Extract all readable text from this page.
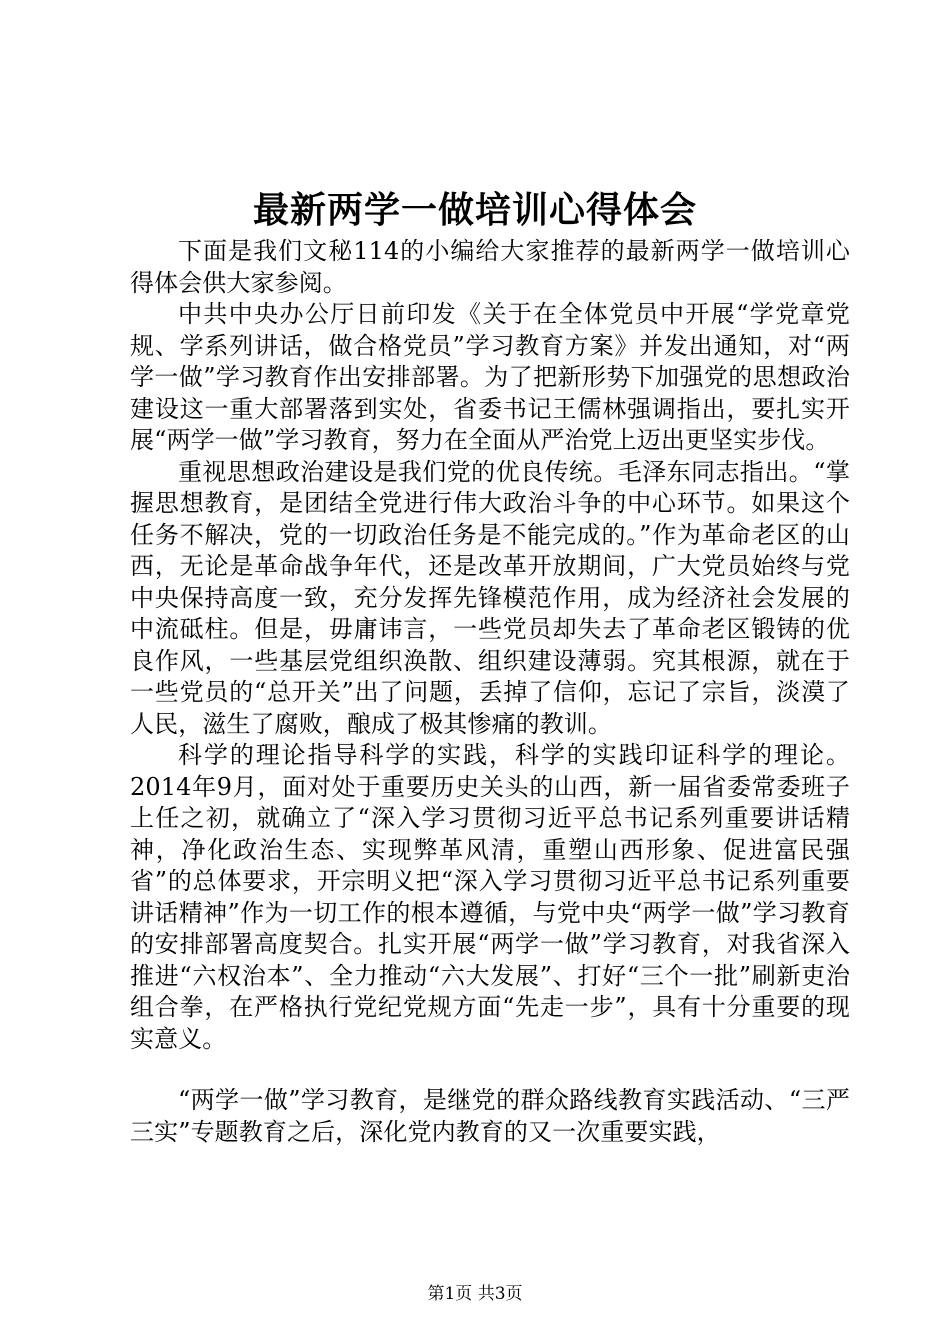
最新两学一做培训心得体会

下面是我们文秘114的小编给大家推荐的最新两学一做培训心得体会供大家参阅。

中共中央办公厅日前印发《关于在全体党员中开展“学党章党规、学系列讲话，做合格党员”学习教育方案》并发出通知，对“两学一做”学习教育作出安排部署。为了把新形势下加强党的思想政治建设这一重大部署落到实处，省委书记王儒林强调指出，要扎实开展“两学一做”学习教育，努力在全面从严治党上迈出更坚实步伐。

重视思想政治建设是我们党的优良传统。毛泽东同志指出。“掌握思想教育，是团结全党进行伟大政治斗争的中心环节。如果这个任务不解决，党的一切政治任务是不能完成的。”作为革命老区的山西，无论是革命战争年代，还是改革开放期间，广大党员始终与党中央保持高度一致，充分发挥先锋模范作用，成为经济社会发展的中流砥柱。但是，毋庸讳言，一些党员却失去了革命老区锻铸的优良作风，一些基层党组织涣散、组织建设薄弱。究其根源，就在于一些党员的“总开关”出了问题，丢掉了信仰，忘记了宗旨，淡漠了人民，滋生了腐败，酿成了极其惨痛的教训。

科学的理论指导科学的实践，科学的实践印证科学的理论。2014年9月，面对处于重要历史关头的山西，新一届省委常委班子上任之初，就确立了“深入学习贯彻习近平总书记系列重要讲话精神，净化政治生态、实现弊革风清，重塑山西形象、促进富民强省”的总体要求，开宗明义把“深入学习贯彻习近平总书记系列重要讲话精神”作为一切工作的根本遵循，与党中央“两学一做”学习教育的安排部署高度契合。扎实开展“两学一做”学习教育，对我省深入推进“六权治本”、全力推动“六大发展”、打好“三个一批”刷新吏治组合拳，在严格执行党纪党规方面“先走一步”，具有十分重要的现实意义。

“两学一做”学习教育，是继党的群众路线教育实践活动、“三严三实”专题教育之后，深化党内教育的又一次重要实践，

第1页 共3页
